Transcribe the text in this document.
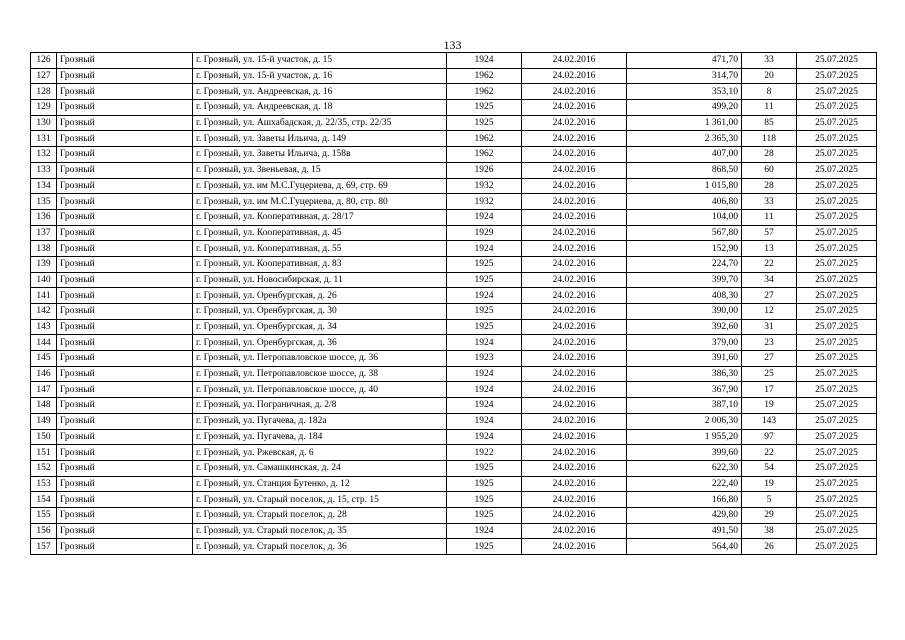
133
126	Грозный	г. Грозный, ул. 15-й участок, д. 15	1924	24.02.2016	471,70	33	25.07.2025
127	Грозный	г. Грозный, ул. 15-й участок, д. 16	1962	24.02.2016	314,70	20	25.07.2025
128	Грозный	г. Грозный, ул. Андреевская, д. 16	1962	24.02.2016	353,10	8	25.07.2025
129	Грозный	г. Грозный, ул. Андреевская, д. 18	1925	24.02.2016	499,20	11	25.07.2025
130	Грозный	г. Грозный, ул. Ашхабадская, д. 22/35, стр. 22/35	1925	24.02.2016	1 361,00	85	25.07.2025
131	Грозный	г. Грозный, ул. Заветы Ильича, д. 149	1962	24.02.2016	2 365,30	118	25.07.2025
132	Грозный	г. Грозный, ул. Заветы Ильича, д. 158в	1962	24.02.2016	407,00	28	25.07.2025
133	Грозный	г. Грозный, ул. Звеньевая, д. 15	1926	24.02.2016	868,50	60	25.07.2025
134	Грозный	г. Грозный, ул. им М.С.Гуцериева, д. 69, стр. 69	1932	24.02.2016	1 015,80	28	25.07.2025
135	Грозный	г. Грозный, ул. им М.С.Гуцериева, д. 80, стр. 80	1932	24.02.2016	406,80	33	25.07.2025
136	Грозный	г. Грозный, ул. Кооперативная, д. 28/17	1924	24.02.2016	104,00	11	25.07.2025
137	Грозный	г. Грозный, ул. Кооперативная, д. 45	1929	24.02.2016	567,80	57	25.07.2025
138	Грозный	г. Грозный, ул. Кооперативная, д. 55	1924	24.02.2016	152,90	13	25.07.2025
139	Грозный	г. Грозный, ул. Кооперативная, д. 83	1925	24.02.2016	224,70	22	25.07.2025
140	Грозный	г. Грозный, ул. Новосибирская, д. 11	1925	24.02.2016	399,70	34	25.07.2025
141	Грозный	г. Грозный, ул. Оренбургская, д. 26	1924	24.02.2016	408,30	27	25.07.2025
142	Грозный	г. Грозный, ул. Оренбургская, д. 30	1925	24.02.2016	390,00	12	25.07.2025
143	Грозный	г. Грозный, ул. Оренбургская, д. 34	1925	24.02.2016	392,60	31	25.07.2025
144	Грозный	г. Грозный, ул. Оренбургская, д. 36	1924	24.02.2016	379,00	23	25.07.2025
145	Грозный	г. Грозный, ул. Петропавловское шоссе, д. 36	1923	24.02.2016	391,60	27	25.07.2025
146	Грозный	г. Грозный, ул. Петропавловское шоссе, д. 38	1924	24.02.2016	386,30	25	25.07.2025
147	Грозный	г. Грозный, ул. Петропавловское шоссе, д. 40	1924	24.02.2016	367,90	17	25.07.2025
148	Грозный	г. Грозный, ул. Пограничная, д. 2/8	1924	24.02.2016	387,10	19	25.07.2025
149	Грозный	г. Грозный, ул. Пугачева, д. 182а	1924	24.02.2016	2 006,30	143	25.07.2025
150	Грозный	г. Грозный, ул. Пугачева, д. 184	1924	24.02.2016	1 955,20	97	25.07.2025
151	Грозный	г. Грозный, ул. Ржевская, д. 6	1922	24.02.2016	399,60	22	25.07.2025
152	Грозный	г. Грозный, ул. Самашкинская, д. 24	1925	24.02.2016	622,30	54	25.07.2025
153	Грозный	г. Грозный, ул. Станция Бутенко, д. 12	1925	24.02.2016	222,40	19	25.07.2025
154	Грозный	г. Грозный, ул. Старый поселок, д. 15, стр. 15	1925	24.02.2016	166,80	5	25.07.2025
155	Грозный	г. Грозный, ул. Старый поселок, д. 28	1925	24.02.2016	429,80	29	25.07.2025
156	Грозный	г. Грозный, ул. Старый поселок, д. 35	1924	24.02.2016	491,50	38	25.07.2025
157	Грозный	г. Грозный, ул. Старый поселок, д. 36	1925	24.02.2016	564,40	26	25.07.2025
